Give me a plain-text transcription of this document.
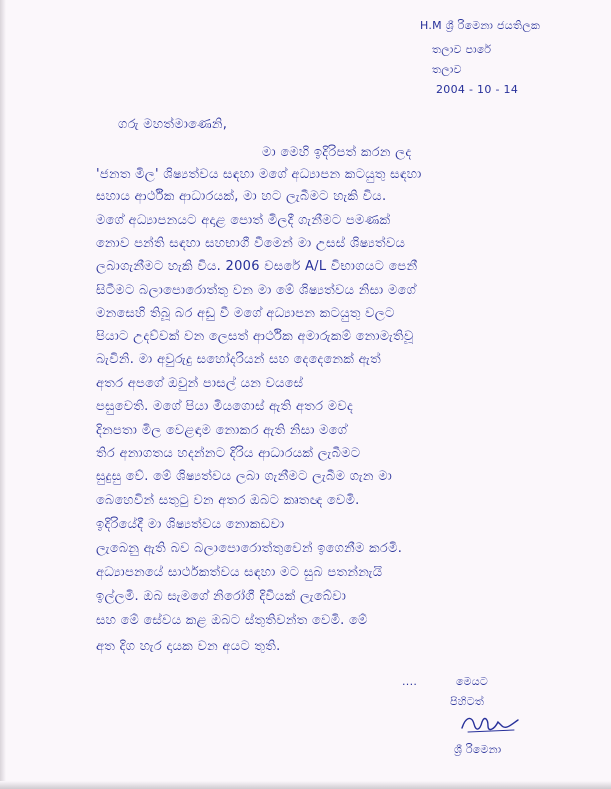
H.M ශ්‍රී රිමෙනා ජයතිලක
තලාව පාරේ
තලාව
2004 - 10 - 14
ගරු මහත්මාණෙනි,
මා මෙහි ඉදිරිපත් කරන ලද
'ජනත මිල' ශිෂ්‍යත්වය සඳහා මගේ අධ්‍යාපන කටයුතු සඳහා
සහාය ආර්ථික ආධාරයක්, මා හට ලැබීමට හැකි විය.
මගේ අධ්‍යාපනයට අදාළ පොත් මිලදී ගැනීමට පමණක්
නොව පන්ති සඳහා සහභාගී වීමෙන් මා උසස් ශිෂ්‍යත්වය
ලබාගැනීමට හැකි විය. 2006 වසරේ A/L විභාගයට පෙනී
සිටීමට බලාපොරොත්තු වන මා මේ ශිෂ්‍යත්වය නිසා මගේ
මනසෙහි තිබූ බර අඩු වී මගේ අධ්‍යාපන කටයුතු වලට
පියාට උදව්වක් වන ලෙසත් ආර්ථික අමාරුකම් නොමැතිවූ
බැවිනි. මා අවුරුදු සහෝදරියන් සහ දෙදෙනෙක් ඇත්
අතර අපගේ ඔවුන් පාසල් යන වයසේ
පසුවෙති. මගේ පියා මියගොස් ඇති අතර මවද
දිනපතා මිල වෙළඳාම නොකර ඇති නිසා මගේ
තිර අනාගතය හදන්නට දිරිය ආධාරයක් ලැබීමට
සුදුසු වේ. මේ ශිෂ්‍යත්වය ලබා ගැනීමට ලැබීම ගැන මා
බෙහෙවින් සතුටු වන අතර ඔබට කෘතඥ වෙමි.
ඉදිරියේදී මා ශිෂ්‍යත්වය නොකඩවා
ලැබෙනු ඇති බව බලාපොරොත්තුවෙන් ඉගෙනීම කරමි.
අධ්‍යාපනයේ සාර්ථකත්වය සඳහා මට සුබ පතන්නැයි
ඉල්ලමි. ඔබ සැමගේ නිරෝගී දිවියක් ලැබේවා
සහ මේ සේවය කළ ඔබට ස්තුතිවන්ත වෙමි. මේ
අත දිග හැර දායක වන අයට තුති.
....	මෙයට
පිහිටත්
ශ්‍රී රිමෙනා
